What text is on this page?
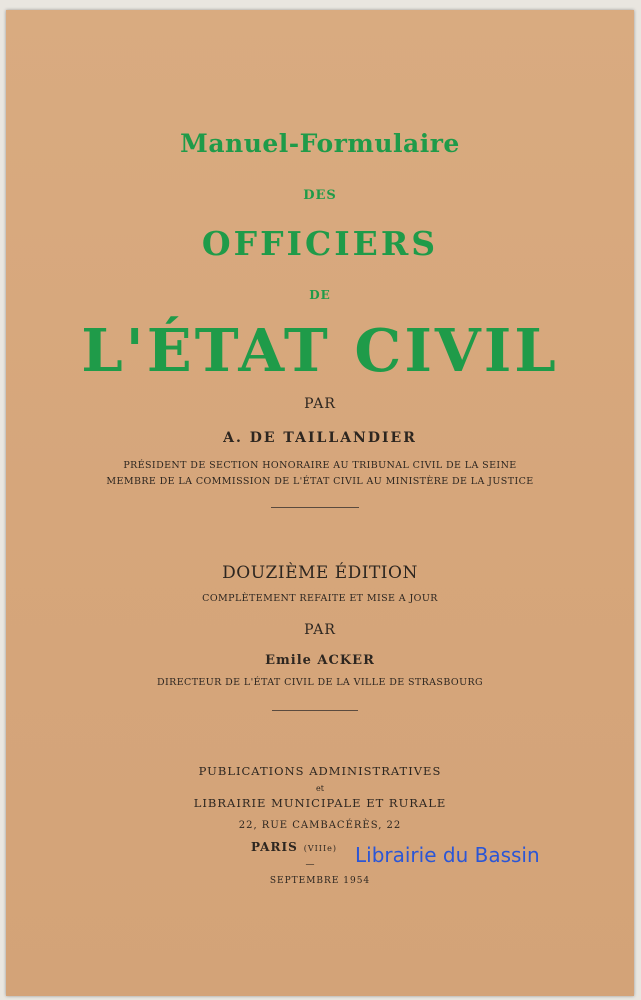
Manuel-Formulaire
DES
OFFICIERS
DE
L'ÉTAT CIVIL
PAR
A. DE TAILLANDIER
PRÉSIDENT DE SECTION HONORAIRE AU TRIBUNAL CIVIL DE LA SEINE
MEMBRE DE LA COMMISSION DE L'ÉTAT CIVIL AU MINISTÈRE DE LA JUSTICE
DOUZIÈME ÉDITION
COMPLÈTEMENT REFAITE ET MISE A JOUR
PAR
Emile ACKER
DIRECTEUR DE L'ÉTAT CIVIL DE LA VILLE DE STRASBOURG
PUBLICATIONS ADMINISTRATIVES
et
LIBRAIRIE MUNICIPALE ET RURALE
22, RUE CAMBACÉRÈS, 22
PARIS (VIIIe)
—
SEPTEMBRE 1954
Librairie du Bassin
